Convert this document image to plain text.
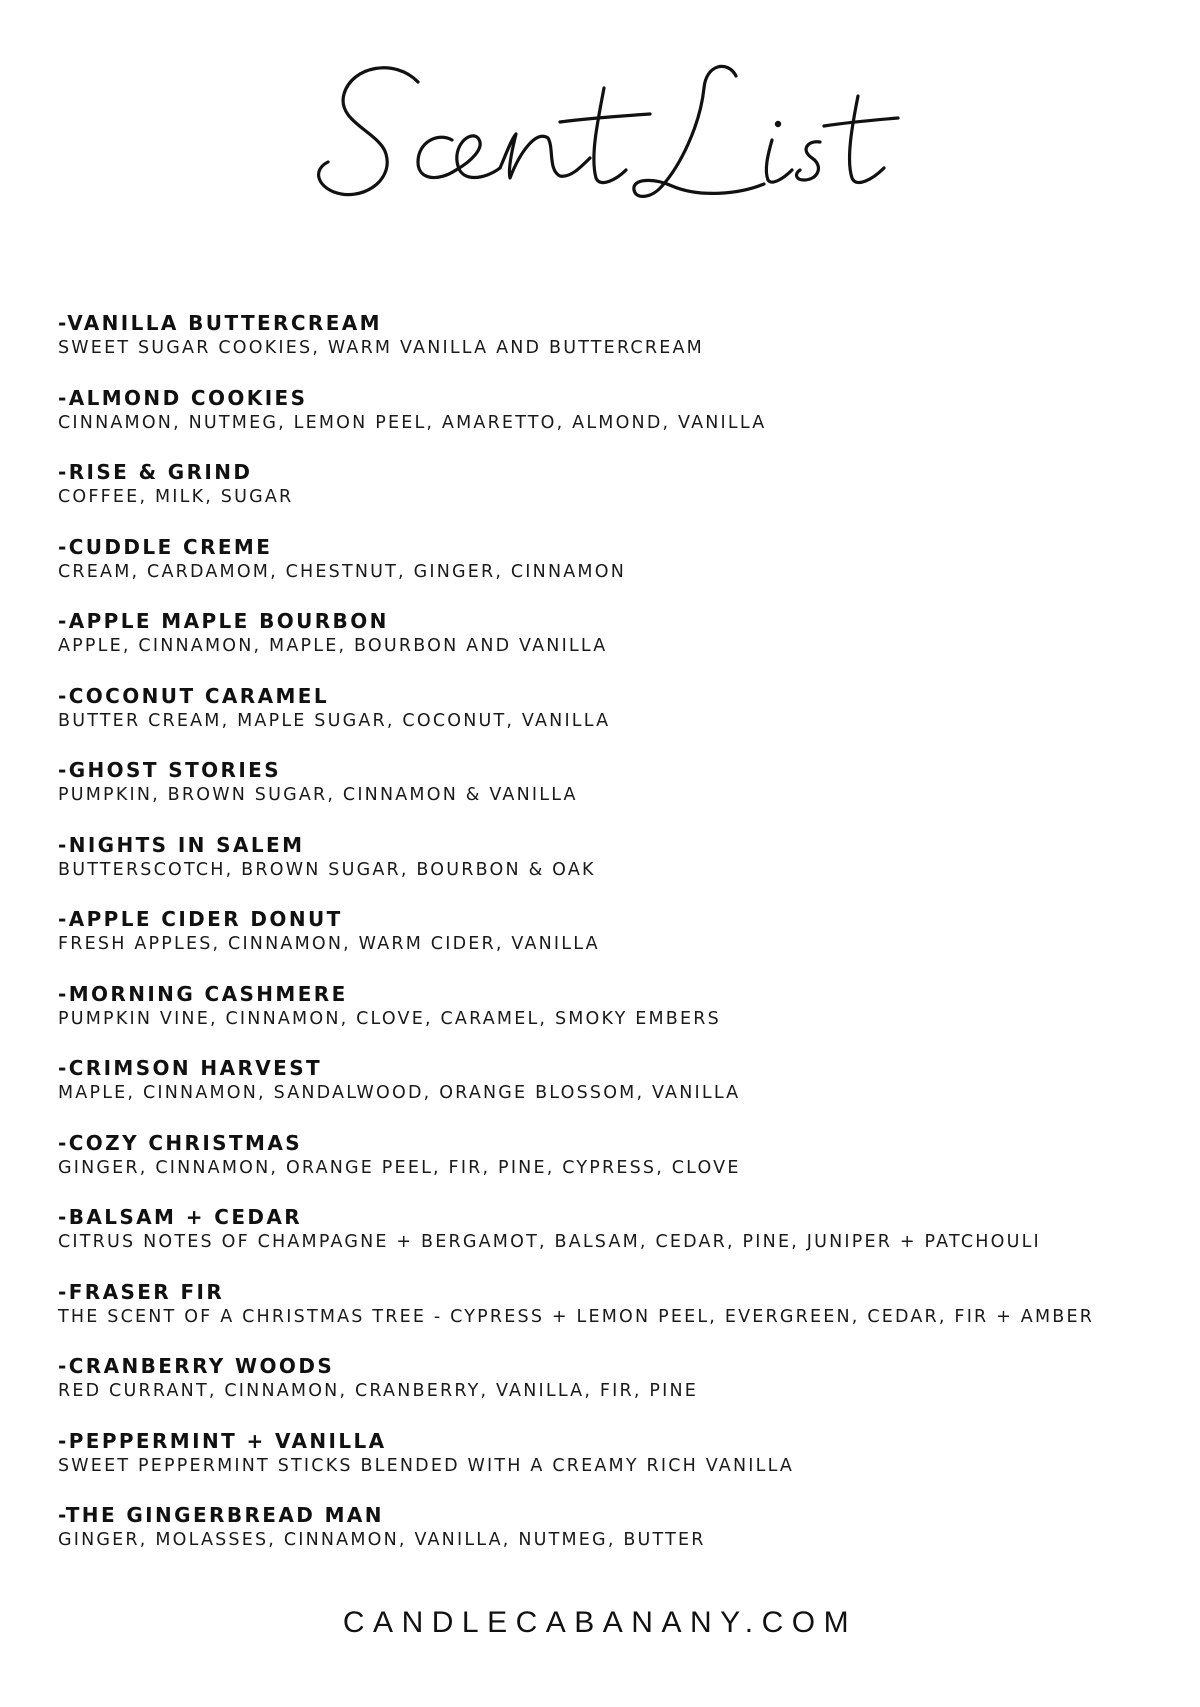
-VANILLA BUTTERCREAM
SWEET SUGAR COOKIES, WARM VANILLA AND BUTTERCREAM
-ALMOND COOKIES
CINNAMON, NUTMEG, LEMON PEEL, AMARETTO, ALMOND, VANILLA
-RISE & GRIND
COFFEE, MILK, SUGAR
-CUDDLE CREME
CREAM, CARDAMOM, CHESTNUT, GINGER, CINNAMON
-APPLE MAPLE BOURBON
APPLE, CINNAMON, MAPLE, BOURBON AND VANILLA
-COCONUT CARAMEL
BUTTER CREAM, MAPLE SUGAR, COCONUT, VANILLA
-GHOST STORIES
PUMPKIN, BROWN SUGAR, CINNAMON & VANILLA
-NIGHTS IN SALEM
BUTTERSCOTCH, BROWN SUGAR, BOURBON & OAK
-APPLE CIDER DONUT
FRESH APPLES, CINNAMON, WARM CIDER, VANILLA
-MORNING CASHMERE
PUMPKIN VINE, CINNAMON, CLOVE, CARAMEL, SMOKY EMBERS
-CRIMSON HARVEST
MAPLE, CINNAMON, SANDALWOOD, ORANGE BLOSSOM, VANILLA
-COZY CHRISTMAS
GINGER, CINNAMON, ORANGE PEEL, FIR, PINE, CYPRESS, CLOVE
-BALSAM + CEDAR
CITRUS NOTES OF CHAMPAGNE + BERGAMOT, BALSAM, CEDAR, PINE, JUNIPER + PATCHOULI
-FRASER FIR
THE SCENT OF A CHRISTMAS TREE - CYPRESS + LEMON PEEL, EVERGREEN, CEDAR, FIR + AMBER
-CRANBERRY WOODS
RED CURRANT, CINNAMON, CRANBERRY, VANILLA, FIR, PINE
-PEPPERMINT + VANILLA
SWEET PEPPERMINT STICKS BLENDED WITH A CREAMY RICH VANILLA
-THE GINGERBREAD MAN
GINGER, MOLASSES, CINNAMON, VANILLA, NUTMEG, BUTTER
CANDLECABANANY.COM
